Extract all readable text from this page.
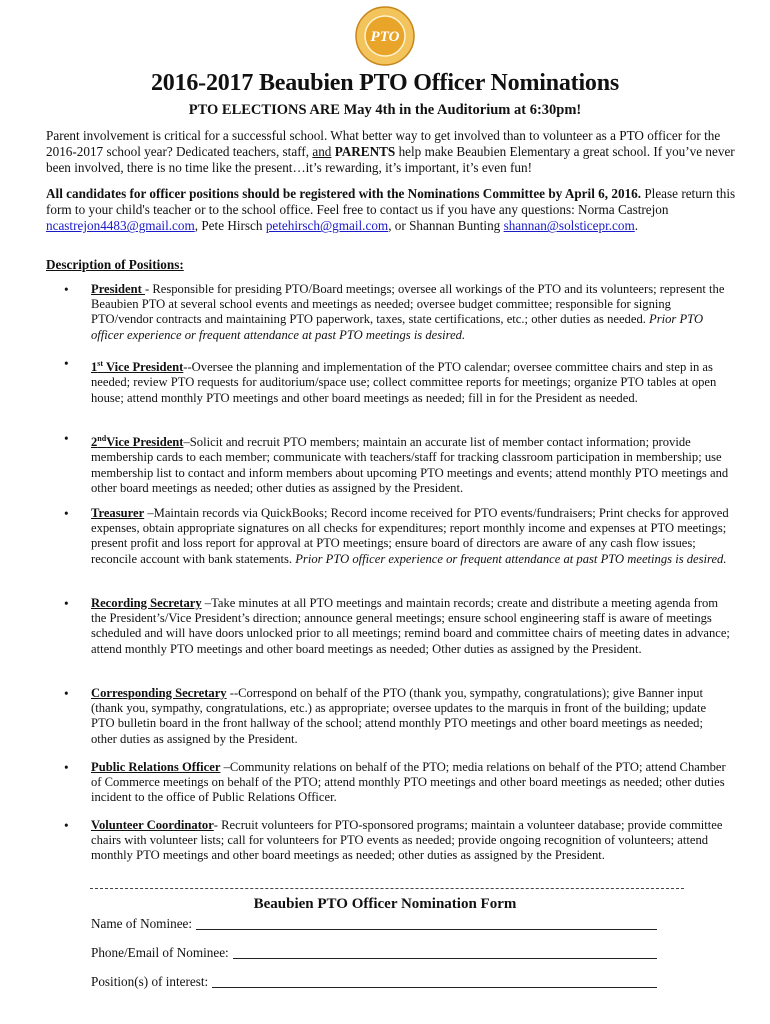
PTO
2016-2017 Beaubien PTO Officer Nominations
PTO ELECTIONS ARE May 4th in the Auditorium at 6:30pm!
Parent involvement is critical for a successful school. What better way to get involved than to volunteer as a PTO officer for the 2016-2017 school year? Dedicated teachers, staff, and PARENTS help make Beaubien Elementary a great school. If you’ve never been involved, there is no time like the present…it’s rewarding, it’s important, it’s even fun!
All candidates for officer positions should be registered with the Nominations Committee by April 6, 2016. Please return this form to your child's teacher or to the school office. Feel free to contact us if you have any questions: Norma Castrejon ncastrejon4483@gmail.com, Pete Hirsch petehirsch@gmail.com, or Shannan Bunting shannan@solsticepr.com.
Description of Positions:
• President - Responsible for presiding PTO/Board meetings; oversee all workings of the PTO and its volunteers; represent the Beaubien PTO at several school events and meetings as needed; oversee budget committee; responsible for signing PTO/vendor contracts and maintaining PTO paperwork, taxes, state certifications, etc.; other duties as needed. Prior PTO officer experience or frequent attendance at past PTO meetings is desired.
• 1st Vice President--Oversee the planning and implementation of the PTO calendar; oversee committee chairs and step in as needed; review PTO requests for auditorium/space use; collect committee reports for meetings; organize PTO tables at open house; attend monthly PTO meetings and other board meetings as needed; fill in for the President as needed.
• 2ndVice President–Solicit and recruit PTO members; maintain an accurate list of member contact information; provide membership cards to each member; communicate with teachers/staff for tracking classroom participation in membership; use membership list to contact and inform members about upcoming PTO meetings and events; attend monthly PTO meetings and other board meetings as needed; other duties as assigned by the President.
• Treasurer –Maintain records via QuickBooks; Record income received for PTO events/fundraisers; Print checks for approved expenses, obtain appropriate signatures on all checks for expenditures; report monthly income and expenses at PTO meetings; present profit and loss report for approval at PTO meetings; ensure board of directors are aware of any cash flow issues; reconcile account with bank statements. Prior PTO officer experience or frequent attendance at past PTO meetings is desired.
• Recording Secretary –Take minutes at all PTO meetings and maintain records; create and distribute a meeting agenda from the President’s/Vice President’s direction; announce general meetings; ensure school engineering staff is aware of meetings scheduled and will have doors unlocked prior to all meetings; remind board and committee chairs of meeting dates in advance; attend monthly PTO meetings and other board meetings as needed; Other duties as assigned by the President.
• Corresponding Secretary --Correspond on behalf of the PTO (thank you, sympathy, congratulations); give Banner input (thank you, sympathy, congratulations, etc.) as appropriate; oversee updates to the marquis in front of the building; update PTO bulletin board in the front hallway of the school; attend monthly PTO meetings and other board meetings as needed; other duties as assigned by the President.
• Public Relations Officer –Community relations on behalf of the PTO; media relations on behalf of the PTO; attend Chamber of Commerce meetings on behalf of the PTO; attend monthly PTO meetings and other board meetings as needed; other duties incident to the office of Public Relations Officer.
• Volunteer Coordinator- Recruit volunteers for PTO-sponsored programs; maintain a volunteer database; provide committee chairs with volunteer lists; call for volunteers for PTO events as needed; provide ongoing recognition of volunteers; attend monthly PTO meetings and other board meetings as needed; other duties as assigned by the President.
Beaubien PTO Officer Nomination Form
Name of Nominee:
Phone/Email of Nominee:
Position(s) of interest:
